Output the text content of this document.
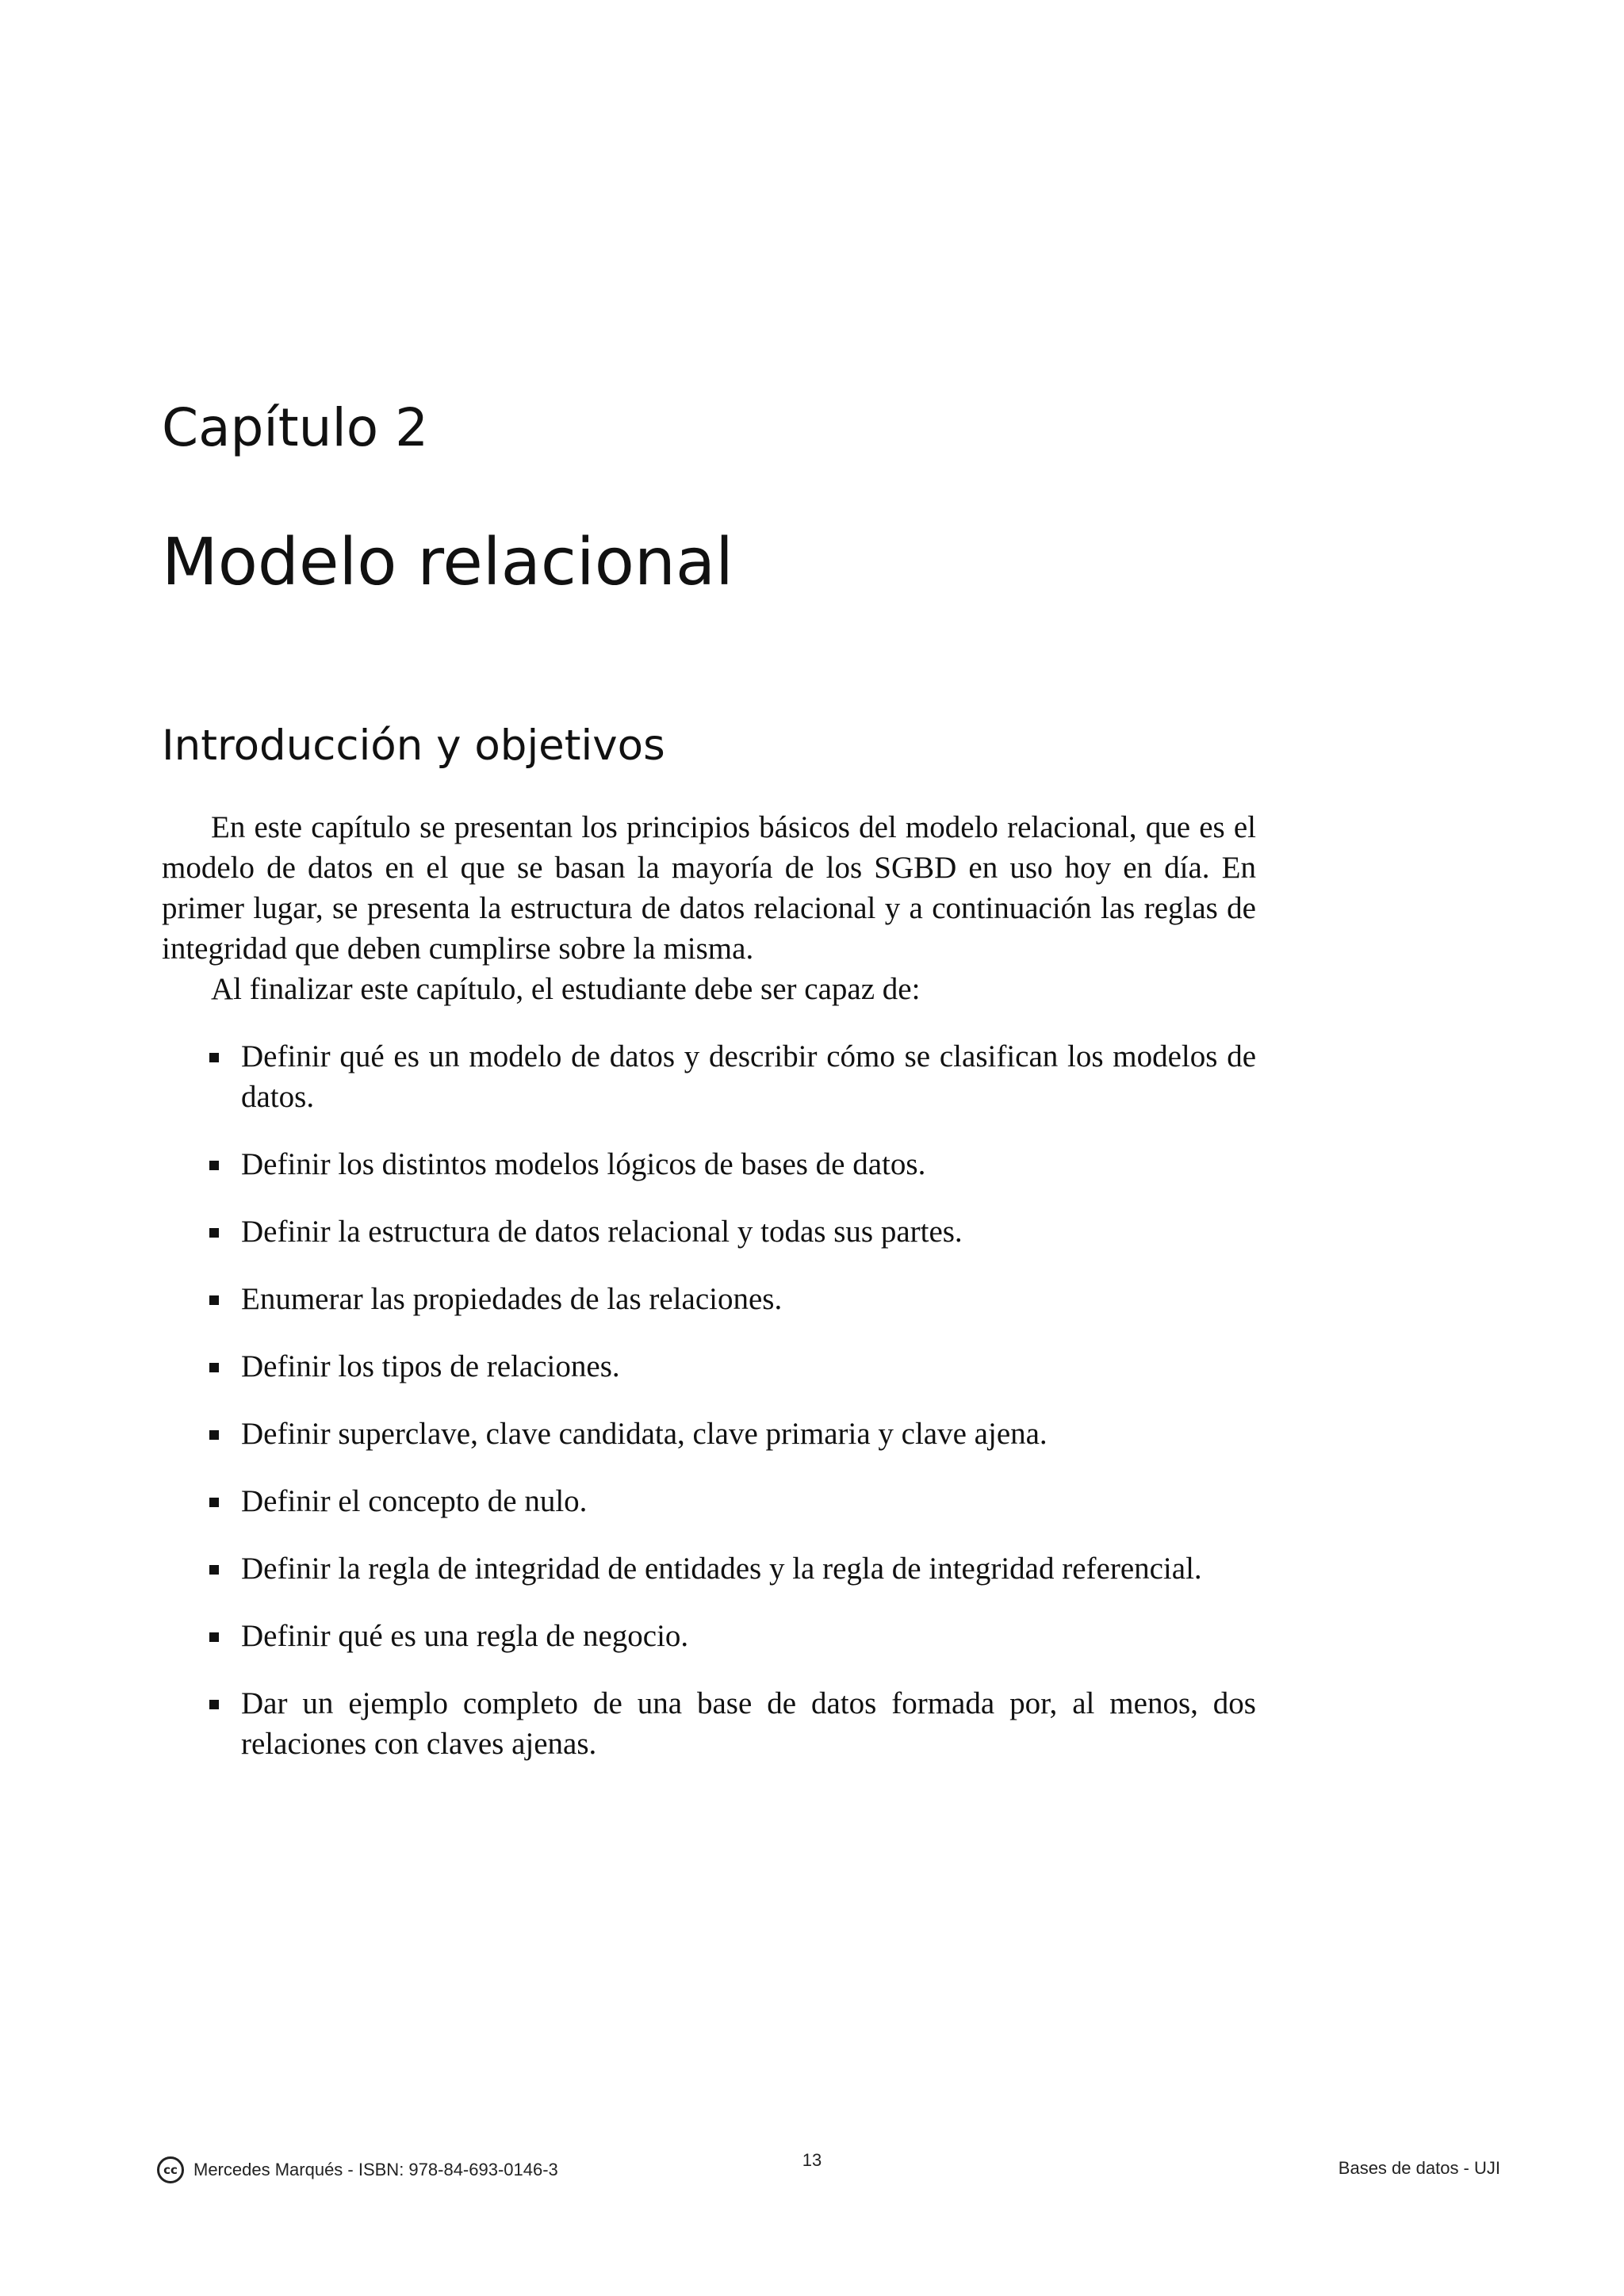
Capítulo 2
Modelo relacional
Introducción y objetivos

En este capítulo se presentan los principios básicos del modelo relacional, que es el modelo de datos en el que se basan la mayoría de los SGBD en uso hoy en día. En primer lugar, se presenta la estructura de datos relacional y a continuación las reglas de integridad que deben cumplirse sobre la misma.

Al finalizar este capítulo, el estudiante debe ser capaz de:

Definir qué es un modelo de datos y describir cómo se clasifican los modelos de datos.
Definir los distintos modelos lógicos de bases de datos.
Definir la estructura de datos relacional y todas sus partes.
Enumerar las propiedades de las relaciones.
Definir los tipos de relaciones.
Definir superclave, clave candidata, clave primaria y clave ajena.
Definir el concepto de nulo.
Definir la regla de integridad de entidades y la regla de integridad referencial.
Definir qué es una regla de negocio.
Dar un ejemplo completo de una base de datos formada por, al menos, dos relaciones con claves ajenas.
cc Mercedes Marqués - ISBN: 978-84-693-0146-3	13	Bases de datos - UJI
